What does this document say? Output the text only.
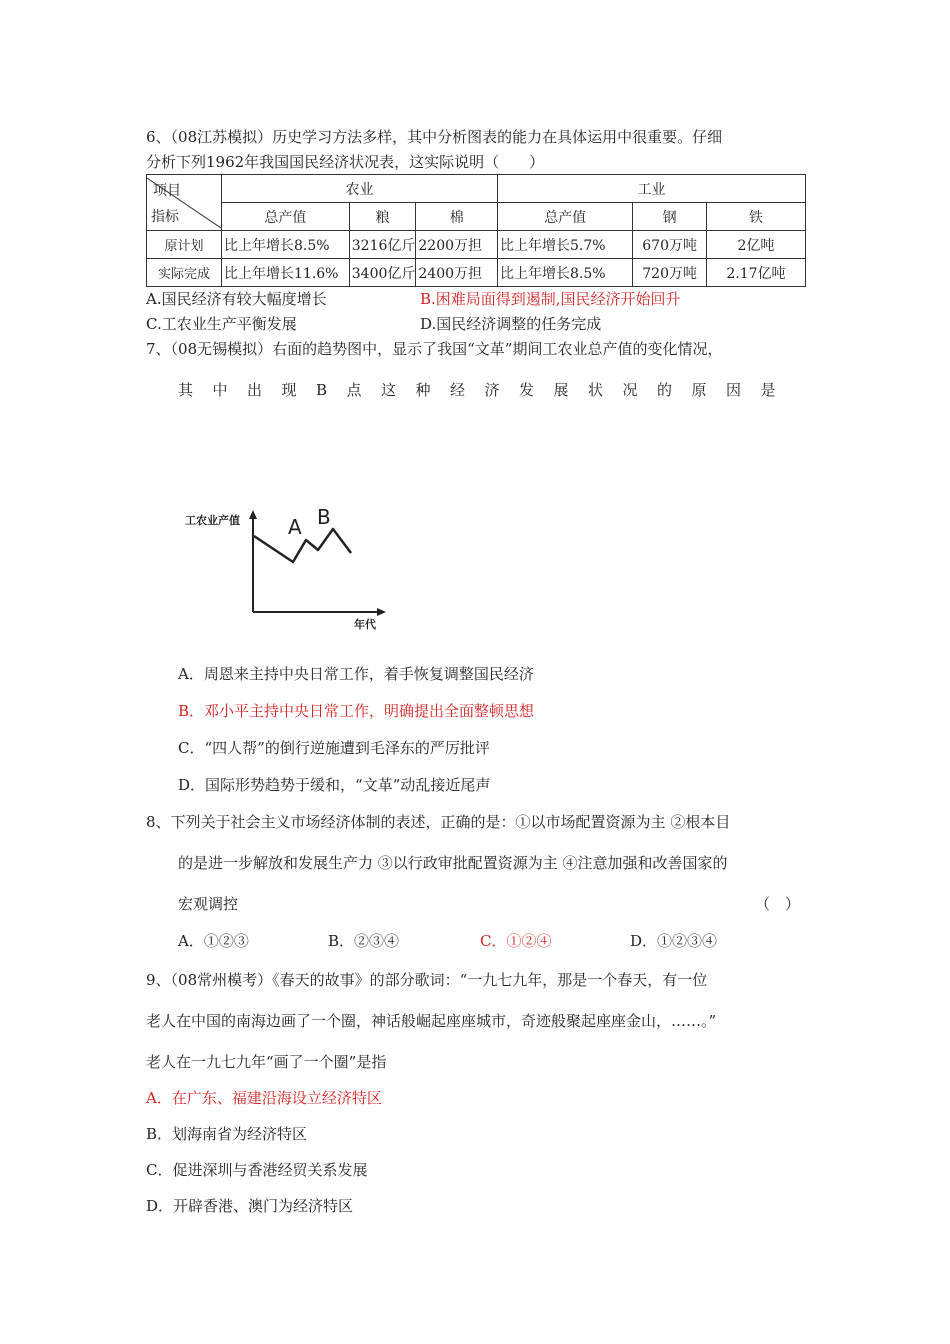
6、（08江苏模拟）历史学习方法多样，其中分析图表的能力在具体运用中很重要。仔细
分析下列1962年我国国民经济状况表，这实际说明（　　）
项目
指标	农业			工业		
	总产值	粮	棉	总产值	钢	铁
原计划	比上年增长8.5%	3216亿斤	2200万担	比上年增长5.7%	670万吨	2亿吨
实际完成	比上年增长11.6%	3400亿斤	2400万担	比上年增长8.5%	720万吨	2.17亿吨
A.国民经济有较大幅度增长	B.困难局面得到遏制,国民经济开始回升
C.工农业生产平衡发展	D.国民经济调整的任务完成
7、（08无锡模拟）右面的趋势图中，显示了我国“文革”期间工农业总产值的变化情况，
其中出现B点这种经济发展状况的原因是
工农业产值 A B
年代
A．周恩来主持中央日常工作，着手恢复调整国民经济
B．邓小平主持中央日常工作，明确提出全面整顿思想
C．“四人帮”的倒行逆施遭到毛泽东的严厉批评
D．国际形势趋势于缓和，“文革”动乱接近尾声
8、下列关于社会主义市场经济体制的表述，正确的是：①以市场配置资源为主 ②根本目
的是进一步解放和发展生产力 ③以行政审批配置资源为主 ④注意加强和改善国家的
宏观调控	（　）
A．①②③	B．②③④	C．①②④	D．①②③④
9、（08常州模考）《春天的故事》的部分歌词：“一九七九年，那是一个春天，有一位
老人在中国的南海边画了一个圈，神话般崛起座座城市，奇迹般聚起座座金山，……。”
老人在一九七九年“画了一个圈”是指
A．在广东、福建沿海设立经济特区
B．划海南省为经济特区
C．促进深圳与香港经贸关系发展
D．开辟香港、澳门为经济特区
